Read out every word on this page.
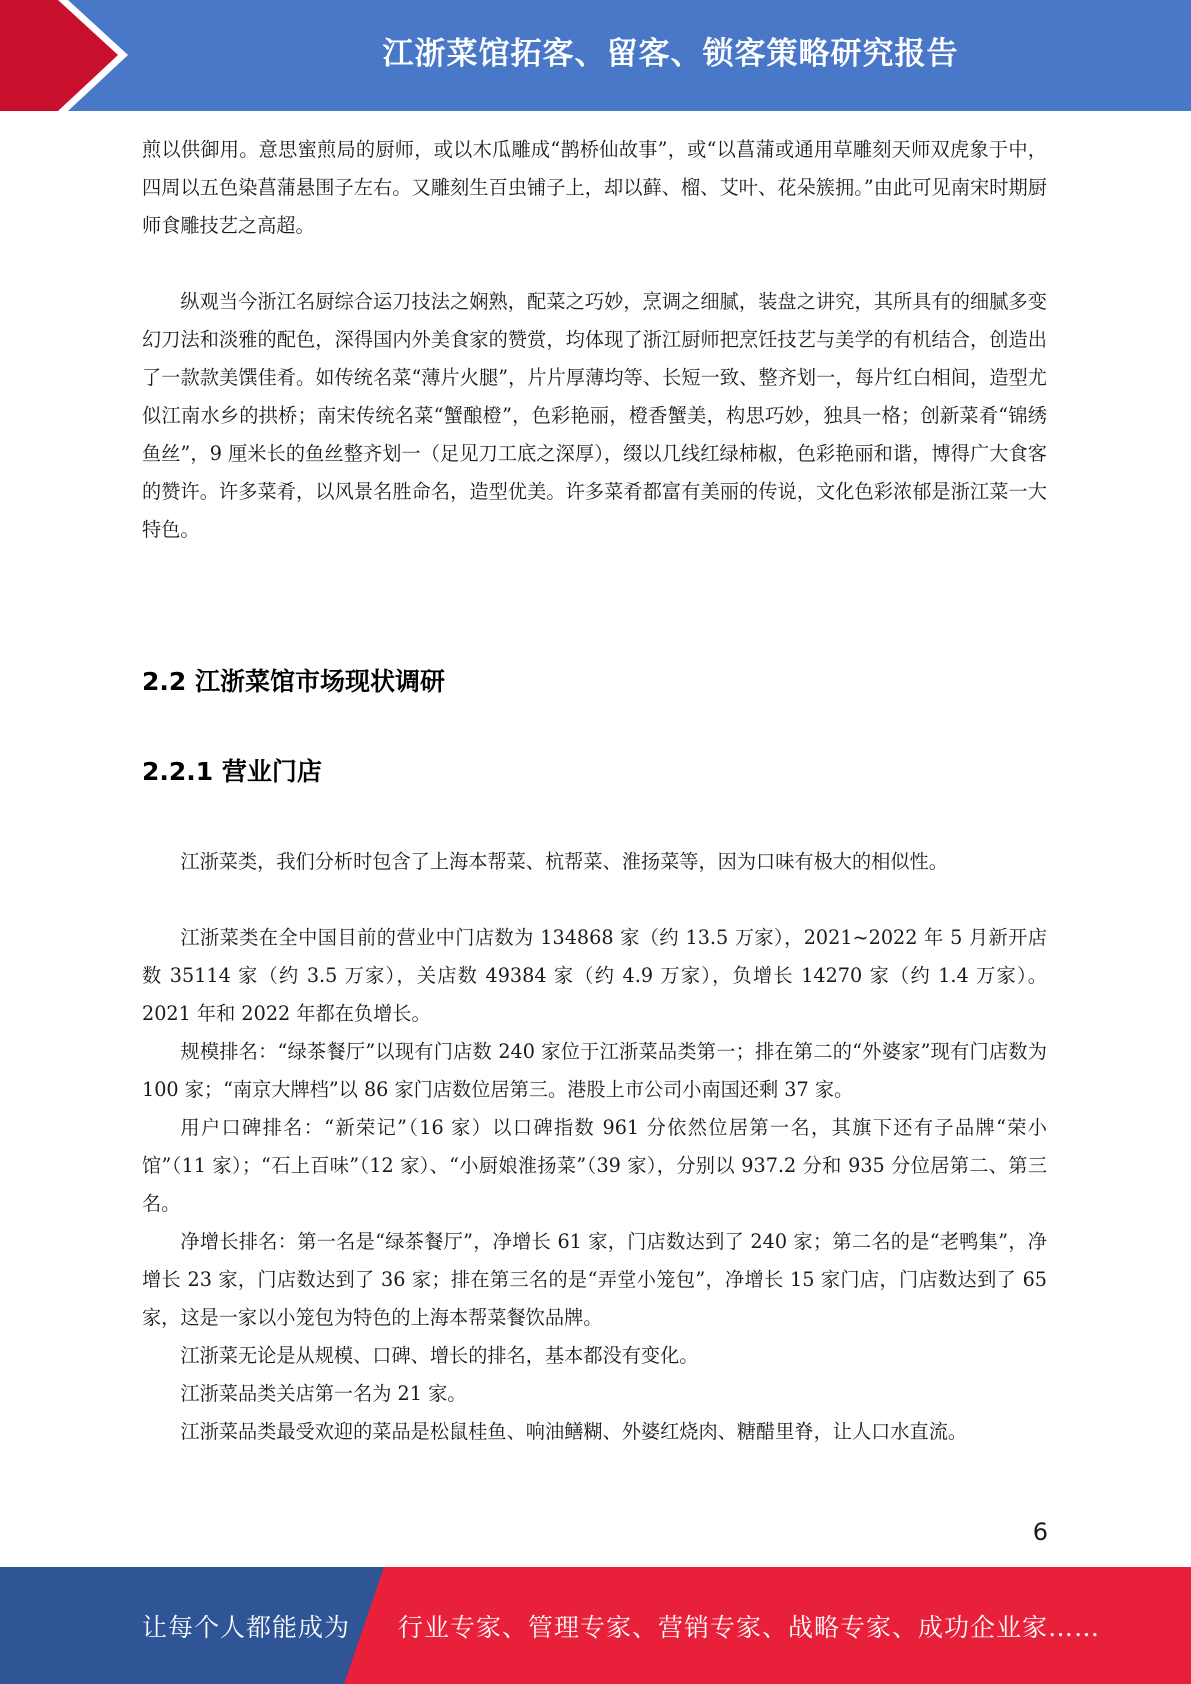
江浙菜馆拓客、留客、锁客策略研究报告

煎以供御用。意思蜜煎局的厨师，或以木瓜雕成“鹊桥仙故事”，或“以菖蒲或通用草雕刻天师双虎象于中，四周以五色染菖蒲悬围子左右。又雕刻生百虫铺子上，却以藓、榴、艾叶、花朵簇拥。”由此可见南宋时期厨师食雕技艺之高超。

纵观当今浙江名厨综合运刀技法之娴熟，配菜之巧妙，烹调之细腻，装盘之讲究，其所具有的细腻多变幻刀法和淡雅的配色，深得国内外美食家的赞赏，均体现了浙江厨师把烹饪技艺与美学的有机结合，创造出了一款款美馔佳肴。如传统名菜“薄片火腿”，片片厚薄均等、长短一致、整齐划一，每片红白相间，造型尤似江南水乡的拱桥；南宋传统名菜“蟹酿橙”，色彩艳丽，橙香蟹美，构思巧妙，独具一格；创新菜肴“锦绣鱼丝”，9 厘米长的鱼丝整齐划一（足见刀工底之深厚），缀以几线红绿柿椒，色彩艳丽和谐，博得广大食客的赞许。许多菜肴，以风景名胜命名，造型优美。许多菜肴都富有美丽的传说，文化色彩浓郁是浙江菜一大特色。

2.2 江浙菜馆市场现状调研
2.2.1 营业门店

江浙菜类，我们分析时包含了上海本帮菜、杭帮菜、淮扬菜等，因为口味有极大的相似性。

江浙菜类在全中国目前的营业中门店数为 134868 家（约 13.5 万家），2021~2022 年 5 月新开店数 35114 家（约 3.5 万家），关店数 49384 家（约 4.9 万家），负增长 14270 家（约 1.4 万家）。2021 年和 2022 年都在负增长。

规模排名：“绿茶餐厅”以现有门店数 240 家位于江浙菜品类第一；排在第二的“外婆家”现有门店数为 100 家；“南京大牌档”以 86 家门店数位居第三。港股上市公司小南国还剩 37 家。

用户口碑排名：“新荣记”（16 家）以口碑指数 961 分依然位居第一名，其旗下还有子品牌“荣小馆”（11 家）；“石上百味”（12 家）、“小厨娘淮扬菜”（39 家），分别以 937.2 分和 935 分位居第二、第三名。

净增长排名：第一名是“绿茶餐厅”，净增长 61 家，门店数达到了 240 家；第二名的是“老鸭集”，净增长 23 家，门店数达到了 36 家；排在第三名的是“弄堂小笼包”，净增长 15 家门店，门店数达到了 65 家，这是一家以小笼包为特色的上海本帮菜餐饮品牌。

江浙菜无论是从规模、口碑、增长的排名，基本都没有变化。

江浙菜品类关店第一名为 21 家。

江浙菜品类最受欢迎的菜品是松鼠桂鱼、响油鳝糊、外婆红烧肉、糖醋里脊，让人口水直流。

6
让每个人都能成为 行业专家、管理专家、营销专家、战略专家、成功企业家……
